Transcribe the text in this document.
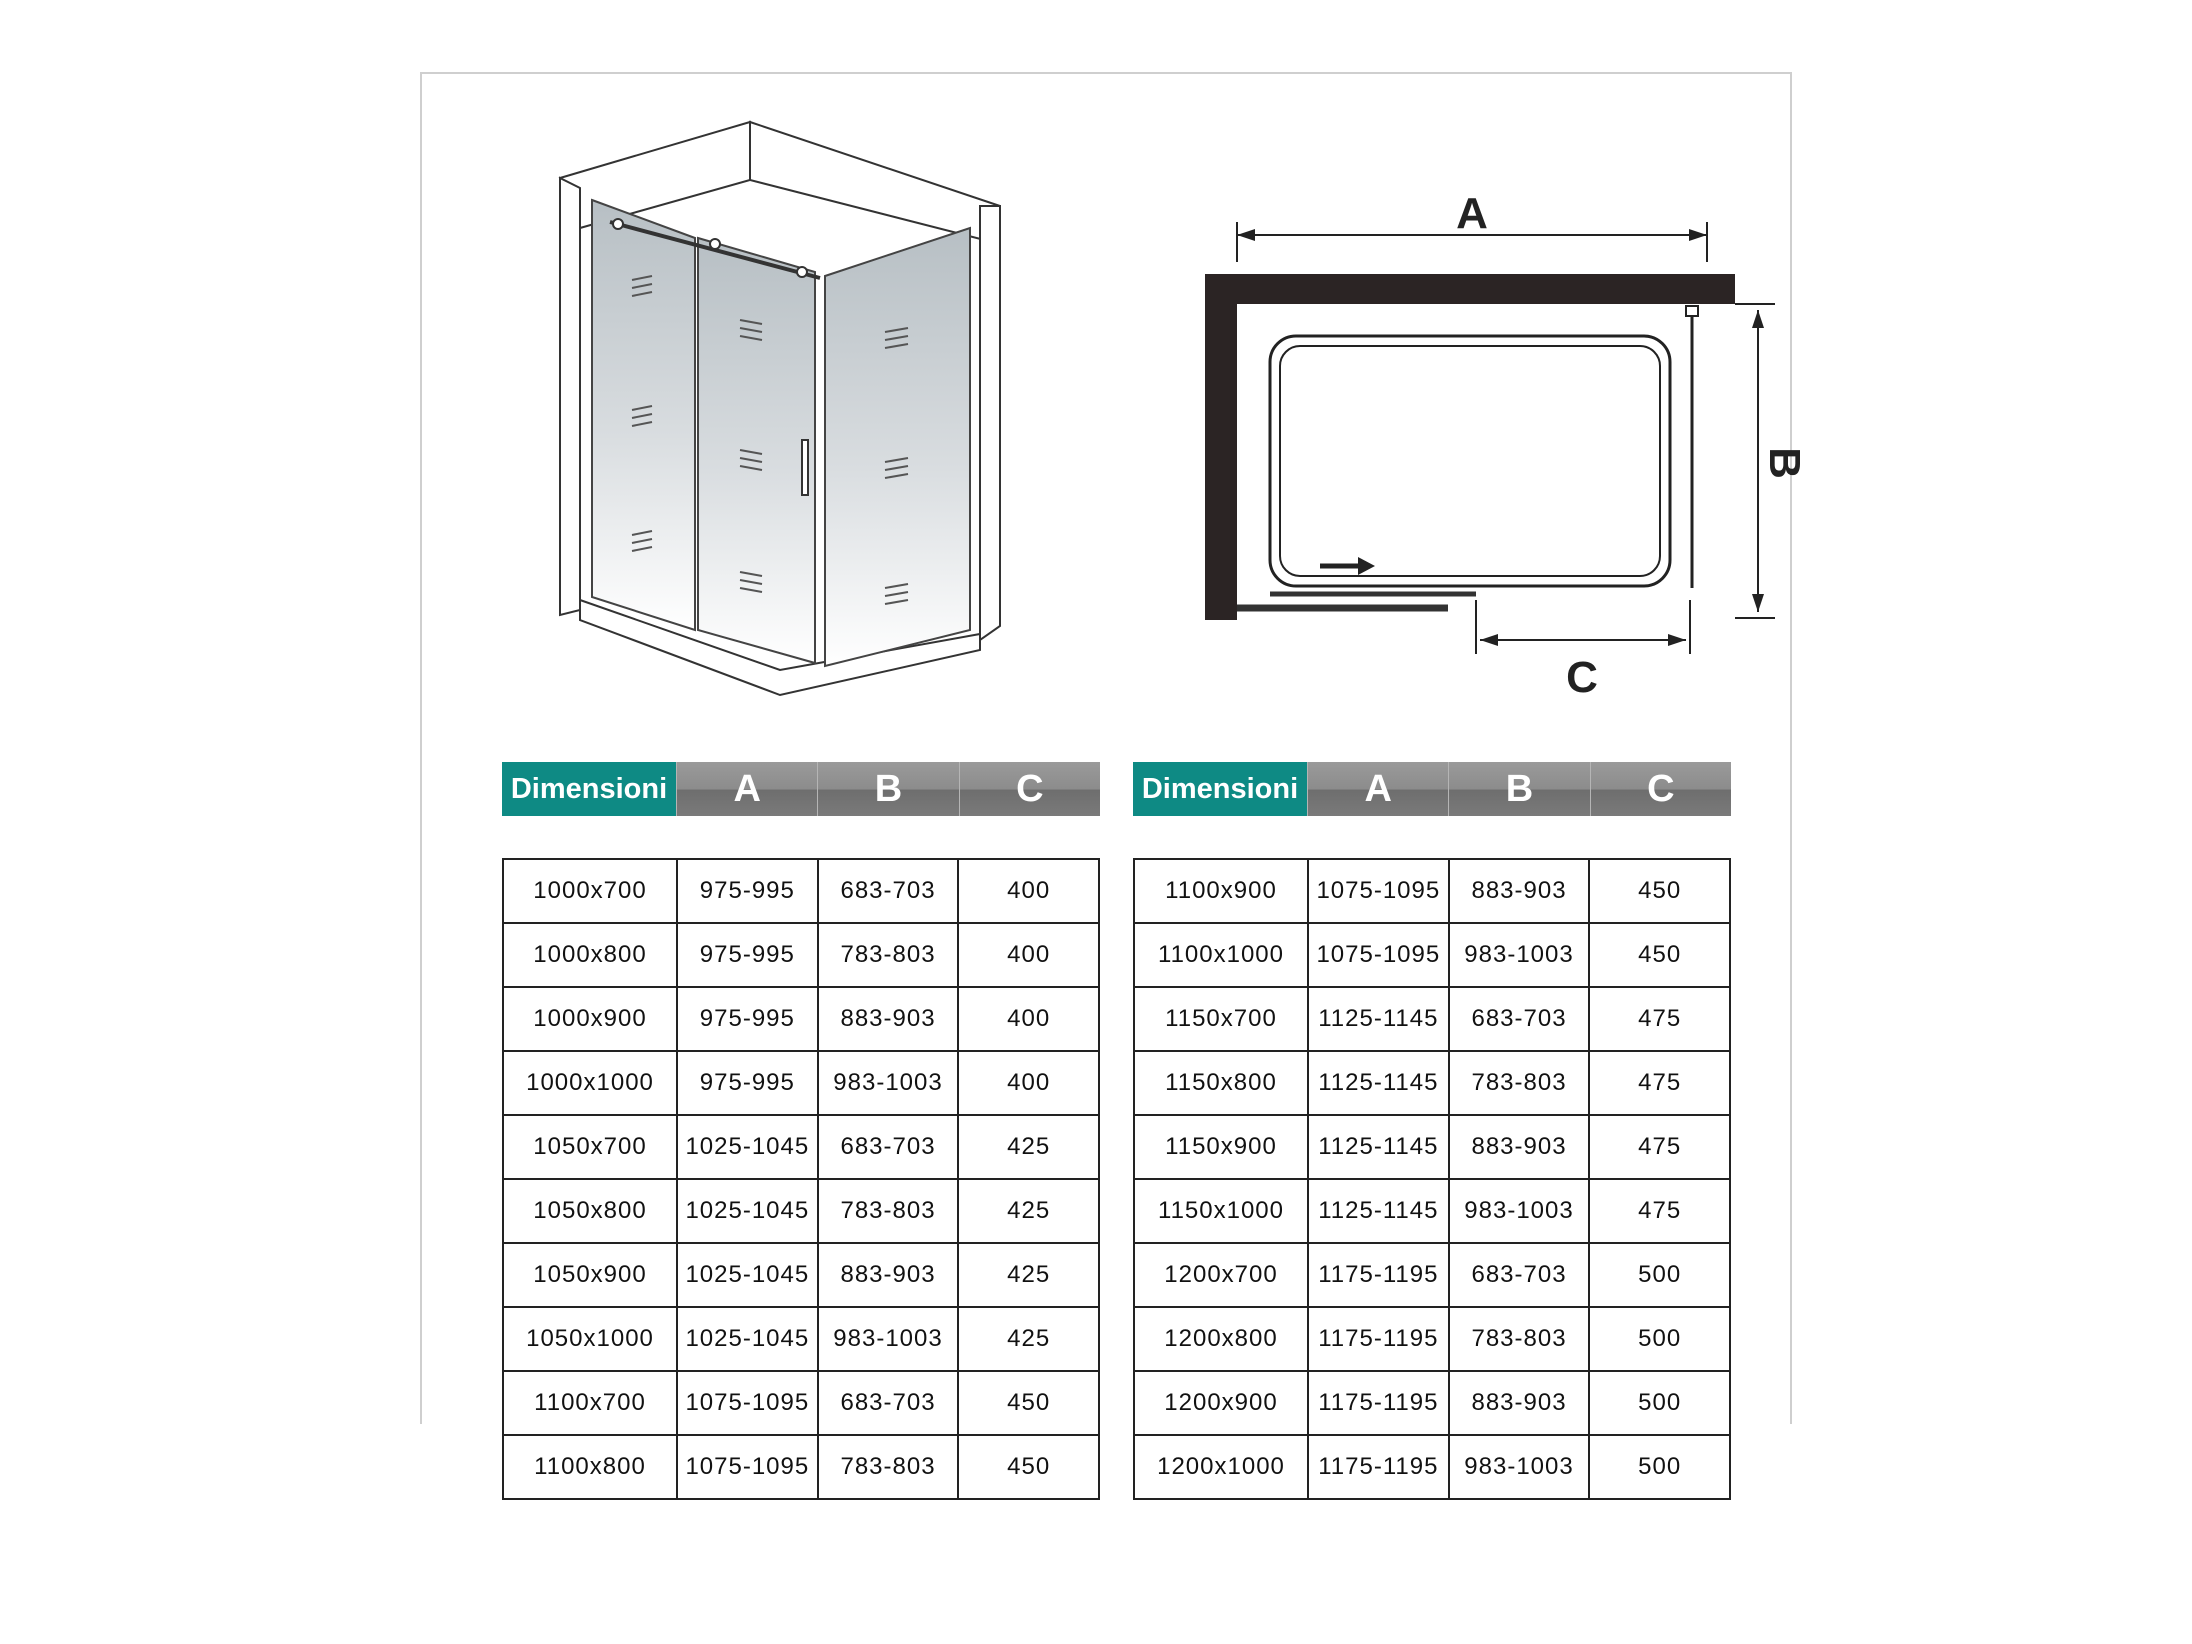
A
B
C
Dimensioni	A	B	C
1000x700	975-995	683-703	400
1000x800	975-995	783-803	400
1000x900	975-995	883-903	400
1000x1000	975-995	983-1003	400
1050x700	1025-1045	683-703	425
1050x800	1025-1045	783-803	425
1050x900	1025-1045	883-903	425
1050x1000	1025-1045	983-1003	425
1100x700	1075-1095	683-703	450
1100x800	1075-1095	783-803	450
Dimensioni	A	B	C
1100x900	1075-1095	883-903	450
1100x1000	1075-1095	983-1003	450
1150x700	1125-1145	683-703	475
1150x800	1125-1145	783-803	475
1150x900	1125-1145	883-903	475
1150x1000	1125-1145	983-1003	475
1200x700	1175-1195	683-703	500
1200x800	1175-1195	783-803	500
1200x900	1175-1195	883-903	500
1200x1000	1175-1195	983-1003	500
